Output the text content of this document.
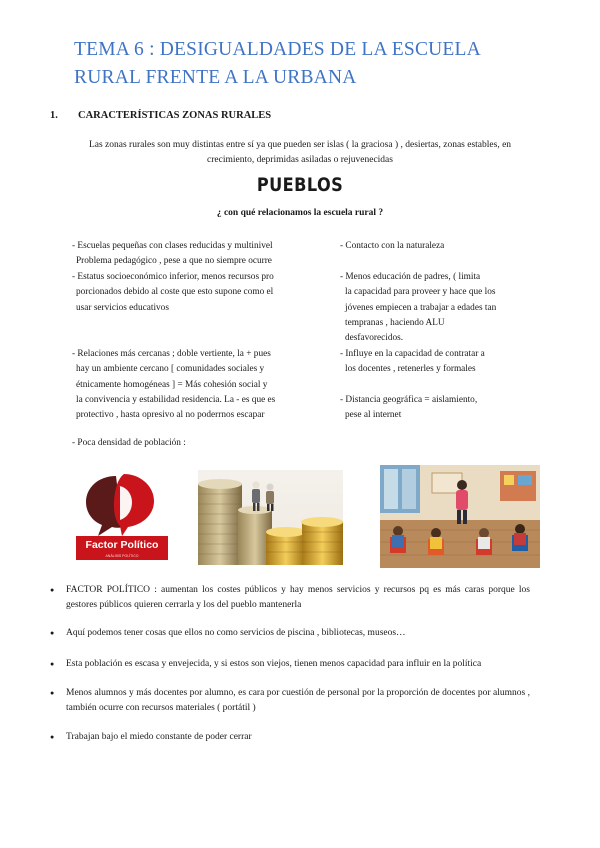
TEMA 6 : DESIGUALDADES DE LA ESCUELA RURAL FRENTE A LA URBANA
1. CARACTERÍSTICAS ZONAS RURALES
Las zonas rurales son muy distintas entre sí ya que pueden ser islas ( la graciosa ) , desiertas, zonas estables, en crecimiento, deprimidas asiladas o rejuvenecidas
PUEBLOS
¿ con qué relacionamos la escuela rural ?

- Escuelas pequeñas con clases reducidas y multinivel

Problema pedagógico , pese a que no siempre ocurre

- Estatus socioeconómico inferior, menos recursos pro

porcionados debido al coste que esto supone como el

usar servicios educativos

- Relaciones más cercanas ; doble vertiente, la + pues

hay un ambiente cercano [ comunidades sociales y

étnicamente homogéneas ] = Más cohesión social y

la convivencia y estabilidad residencia. La - es que es

protectivo , hasta opresivo al no poderrnos escapar

- Poca densidad de población :

- Contacto con la naturaleza

- Menos educación de padres, ( limita

la capacidad para proveer y hace que los

jóvenes empiecen a trabajar a edades tan

tempranas , haciendo ALU

desfavorecidos.

- Influye en la capacidad de contratar a

los docentes , retenerles y formales

- Distancia geográfica = aislamiento,

pese al internet

Factor Político
ANÁLISIS POLÍTICO
● FACTOR POLÍTICO : aumentan los costes públicos y hay menos servicios y recursos pq es más caras porque los gestores públicos quieren cerrarla y los del pueblo mantenerla
● Aquí podemos tener cosas que ellos no como servicios de piscina , bibliotecas, museos…
● Esta población es escasa y envejecida, y si estos son viejos, tienen menos capacidad para influir en la política
● Menos alumnos y más docentes por alumno, es cara por cuestión de personal por la proporción de docentes por alumnos , también ocurre con recursos materiales ( portátil )
● Trabajan bajo el miedo constante de poder cerrar
